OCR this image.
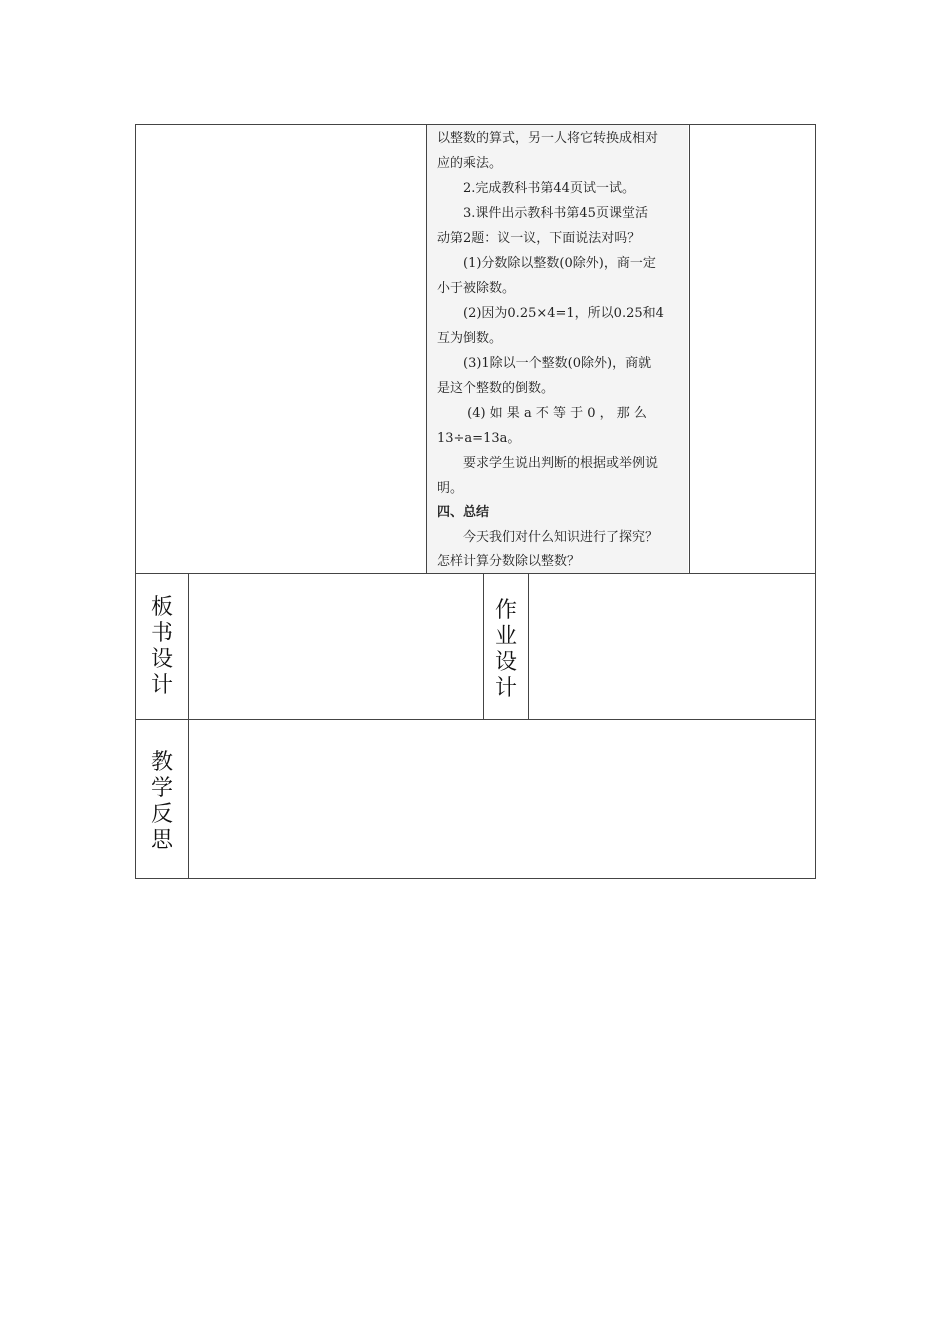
以整数的算式，另一人将它转换成相对
应的乘法。
　　2.完成教科书第44页试一试。
　　3.课件出示教科书第45页课堂活
动第2题：议一议，下面说法对吗？
　　(1)分数除以整数(0除外)，商一定
小于被除数。
　　(2)因为0.25×4=1，所以0.25和4
互为倒数。
　　(3)1除以一个整数(0除外)，商就
是这个整数的倒数。
　　 (4) 如 果 a 不 等 于 0 ， 那 么
13÷a=13a。
　　要求学生说出判断的根据或举例说
明。
四、总结
　　今天我们对什么知识进行了探究？
怎样计算分数除以整数？
板书设计
作业设计
教学反思
